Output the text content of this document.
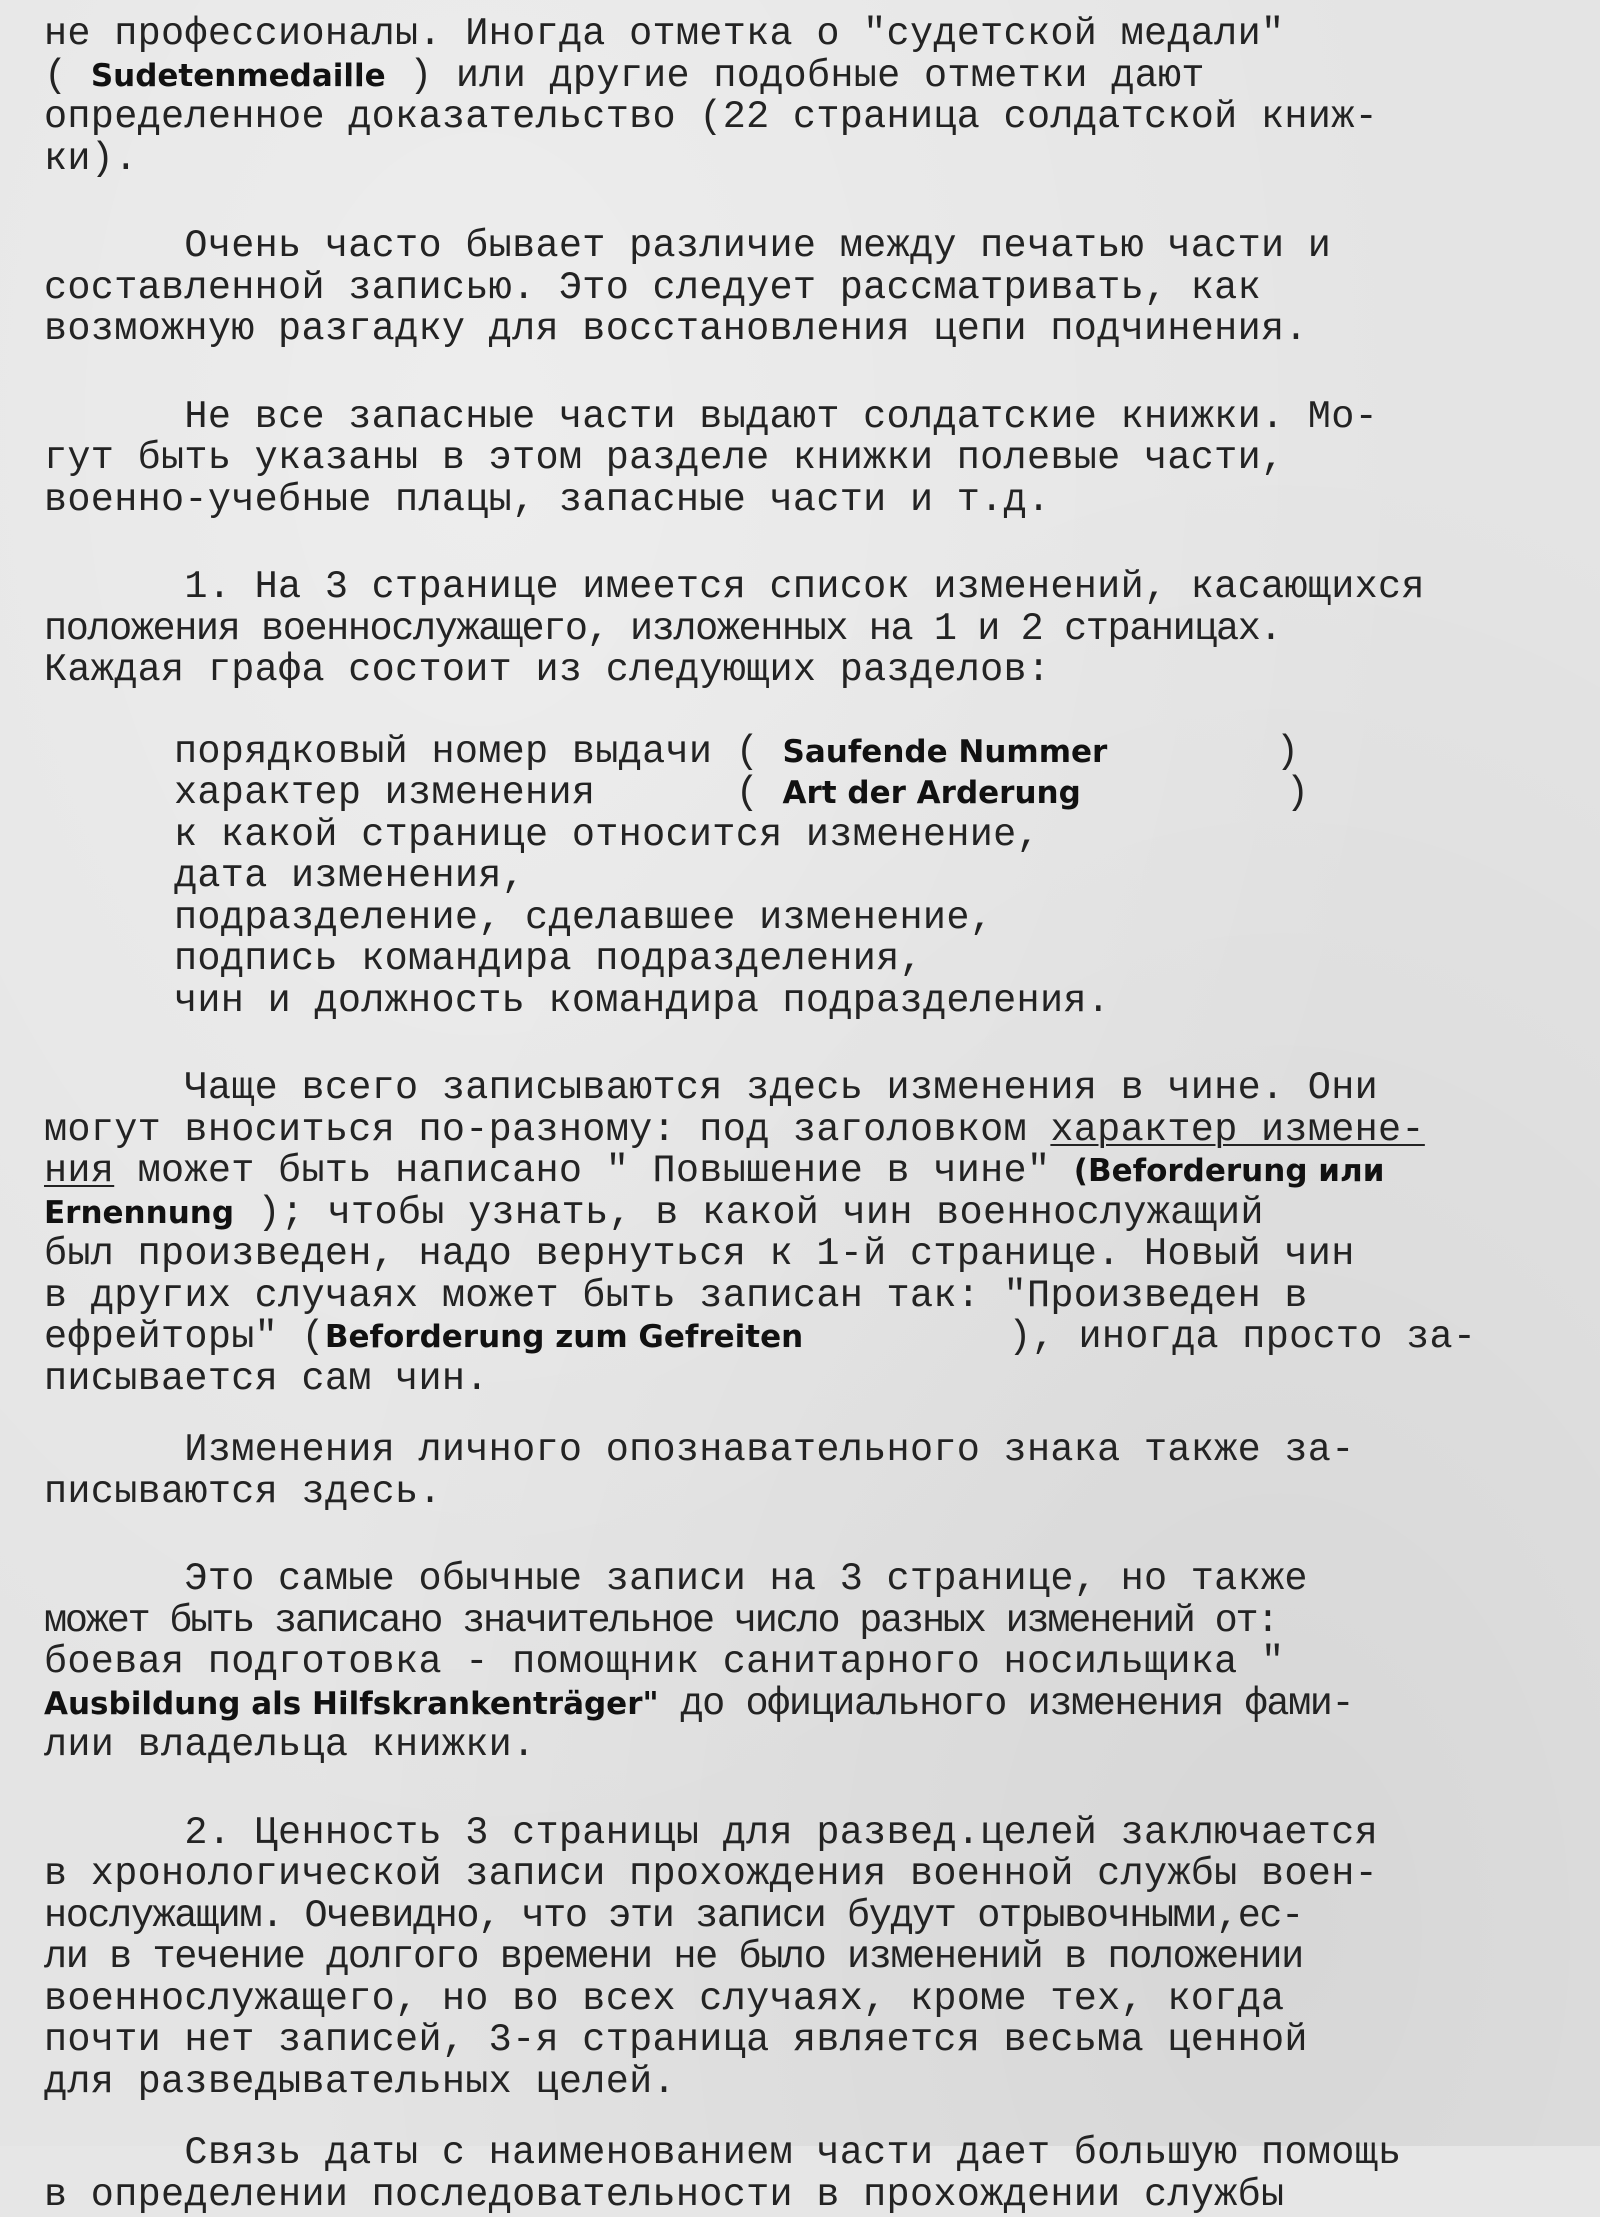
не профессионалы. Иногда отметка о "судетской медали"
( Sudetenmedaille ) или другие подобные отметки дают
определенное доказательство (22 страница солдатской книж-
ки).
Очень часто бывает различие между печатью части и
составленной записью. Это следует рассматривать, как
возможную разгадку для восстановления цепи подчинения.
Не все запасные части выдают солдатские книжки. Мо-
гут быть указаны в этом разделе книжки полевые части,
военно-учебные плацы, запасные части и т.д.
1. На 3 странице имеется список изменений, касающихся
положения военнослужащего, изложенных на 1 и 2 страницах.
Каждая графа состоит из следующих разделов:
порядковый номер выдачи ( Saufende Nummer	)
характер изменения      ( Art der Arderung	)
к какой странице относится изменение,
дата изменения,
подразделение, сделавшее изменение,
подпись командира подразделения,
чин и должность командира подразделения.
Чаще всего записываются здесь изменения в чине. Они
могут вноситься по-разному: под заголовком характер измене-
ния может быть написано " Повышение в чине" (Beforderung или
Ernennung ); чтобы узнать, в какой чин военнослужащий
был произведен, надо вернуться к 1-й странице. Новый чин
в других случаях может быть записан так: "Произведен в
ефрейторы" (Beforderung zum Gefreiten	), иногда просто за-
писывается сам чин.
Изменения личного опознавательного знака также за-
писываются здесь.
Это самые обычные записи на 3 странице, но также
может быть записано значительное число разных изменений от:
боевая подготовка - помощник санитарного носильщика "
Ausbildung als Hilfskrankenträger" до официального изменения фами-
лии владельца книжки.
2. Ценность 3 страницы для развед.целей заключается
в хронологической записи прохождения военной службы воен-
нослужащим. Очевидно, что эти записи будут отрывочными,ес-
ли в течение долгого времени не было изменений в положении
военнослужащего, но во всех случаях, кроме тех, когда
почти нет записей, 3-я страница является весьма ценной
для разведывательных целей.
Связь даты с наименованием части дает большую помощь
в определении последовательности в прохождении службы
